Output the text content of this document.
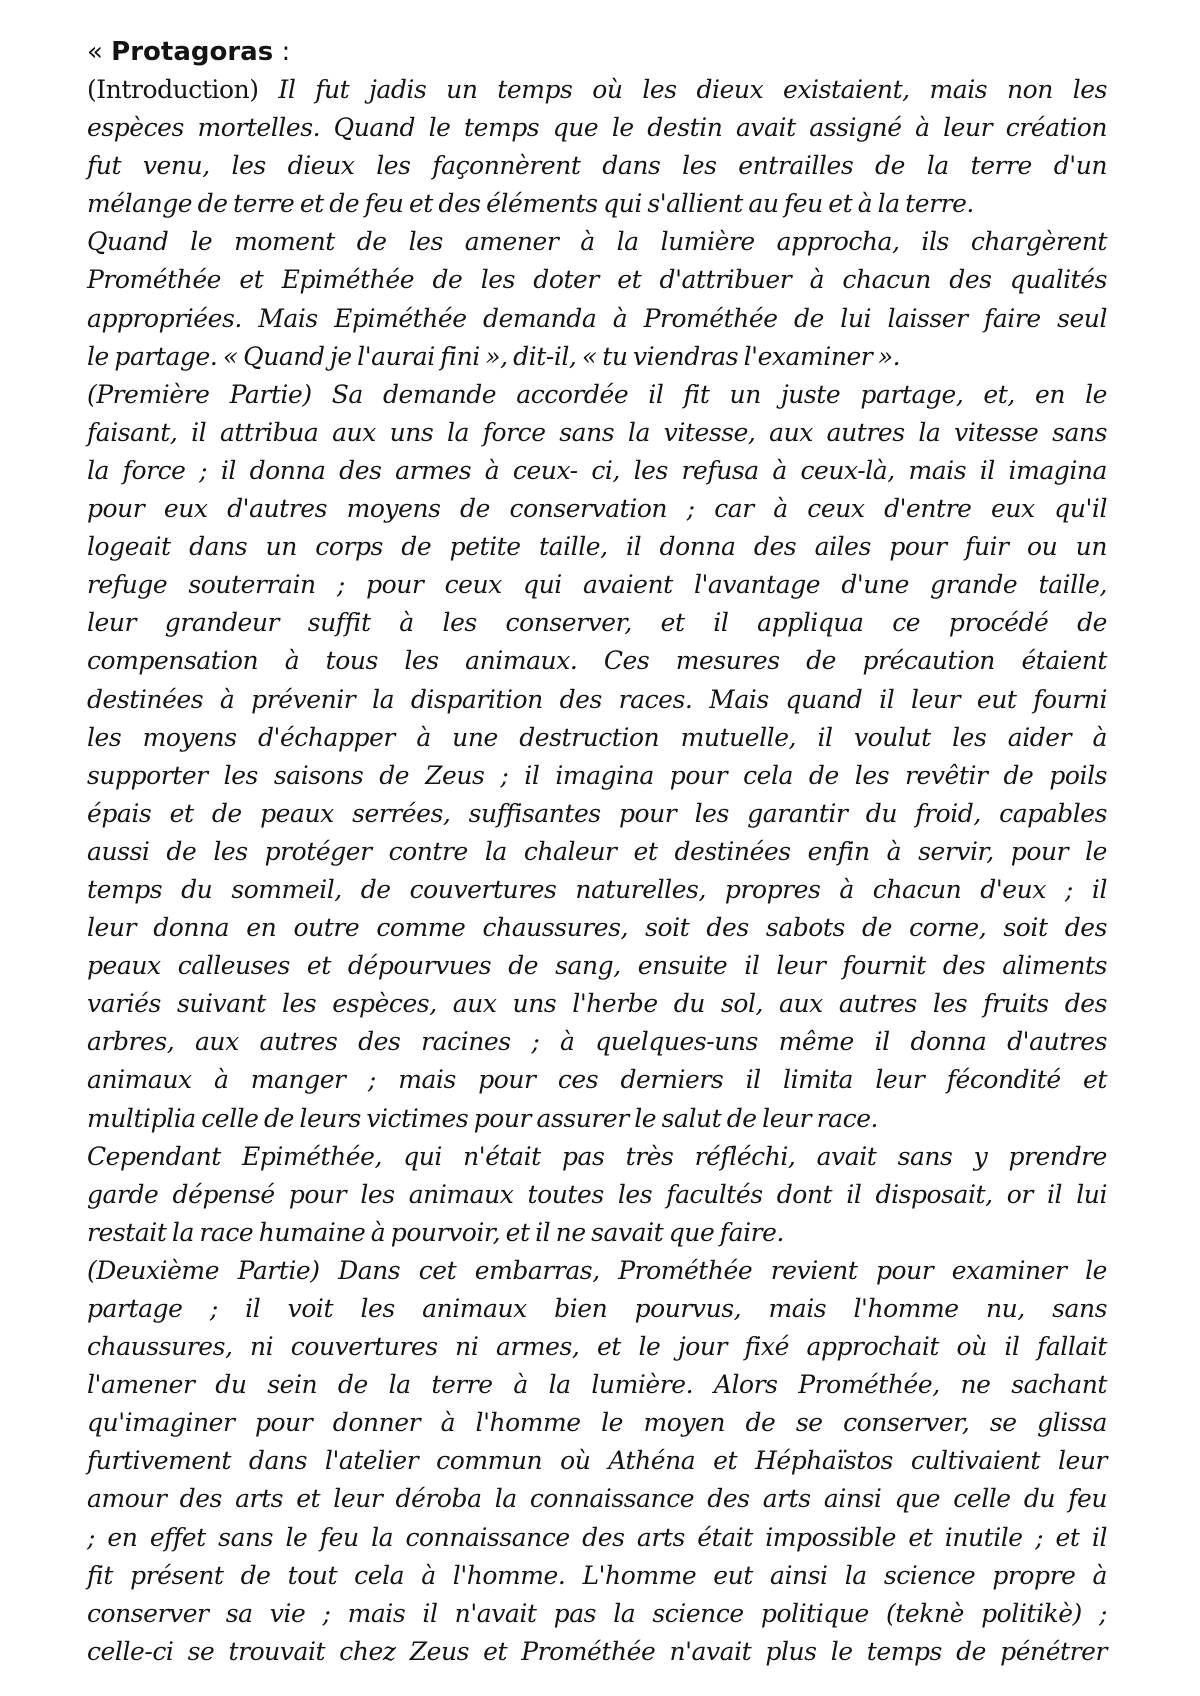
« Protagoras :
(Introduction) Il fut jadis un temps où les dieux existaient, mais non les
espèces mortelles. Quand le temps que le destin avait assigné à leur création
fut venu, les dieux les façonnèrent dans les entrailles de la terre d'un
mélange de terre et de feu et des éléments qui s'allient au feu et à la terre.
Quand le moment de les amener à la lumière approcha, ils chargèrent
Prométhée et Epiméthée de les doter et d'attribuer à chacun des qualités
appropriées. Mais Epiméthée demanda à Prométhée de lui laisser faire seul
le partage. « Quand je l'aurai fini », dit-il, « tu viendras l'examiner ».
(Première Partie) Sa demande accordée il fit un juste partage, et, en le
faisant, il attribua aux uns la force sans la vitesse, aux autres la vitesse sans
la force ; il donna des armes à ceux- ci, les refusa à ceux-là, mais il imagina
pour eux d'autres moyens de conservation ; car à ceux d'entre eux qu'il
logeait dans un corps de petite taille, il donna des ailes pour fuir ou un
refuge souterrain ; pour ceux qui avaient l'avantage d'une grande taille,
leur grandeur suffit à les conserver, et il appliqua ce procédé de
compensation à tous les animaux. Ces mesures de précaution étaient
destinées à prévenir la disparition des races. Mais quand il leur eut fourni
les moyens d'échapper à une destruction mutuelle, il voulut les aider à
supporter les saisons de Zeus ; il imagina pour cela de les revêtir de poils
épais et de peaux serrées, suffisantes pour les garantir du froid, capables
aussi de les protéger contre la chaleur et destinées enfin à servir, pour le
temps du sommeil, de couvertures naturelles, propres à chacun d'eux ; il
leur donna en outre comme chaussures, soit des sabots de corne, soit des
peaux calleuses et dépourvues de sang, ensuite il leur fournit des aliments
variés suivant les espèces, aux uns l'herbe du sol, aux autres les fruits des
arbres, aux autres des racines ; à quelques-uns même il donna d'autres
animaux à manger ; mais pour ces derniers il limita leur fécondité et
multiplia celle de leurs victimes pour assurer le salut de leur race.
Cependant Epiméthée, qui n'était pas très réfléchi, avait sans y prendre
garde dépensé pour les animaux toutes les facultés dont il disposait, or il lui
restait la race humaine à pourvoir, et il ne savait que faire.
(Deuxième Partie) Dans cet embarras, Prométhée revient pour examiner le
partage ; il voit les animaux bien pourvus, mais l'homme nu, sans
chaussures, ni couvertures ni armes, et le jour fixé approchait où il fallait
l'amener du sein de la terre à la lumière. Alors Prométhée, ne sachant
qu'imaginer pour donner à l'homme le moyen de se conserver, se glissa
furtivement dans l'atelier commun où Athéna et Héphaïstos cultivaient leur
amour des arts et leur déroba la connaissance des arts ainsi que celle du feu
; en effet sans le feu la connaissance des arts était impossible et inutile ; et il
fit présent de tout cela à l'homme. L'homme eut ainsi la science propre à
conserver sa vie ; mais il n'avait pas la science politique (teknè politikè) ;
celle-ci se trouvait chez Zeus et Prométhée n'avait plus le temps de pénétrer
